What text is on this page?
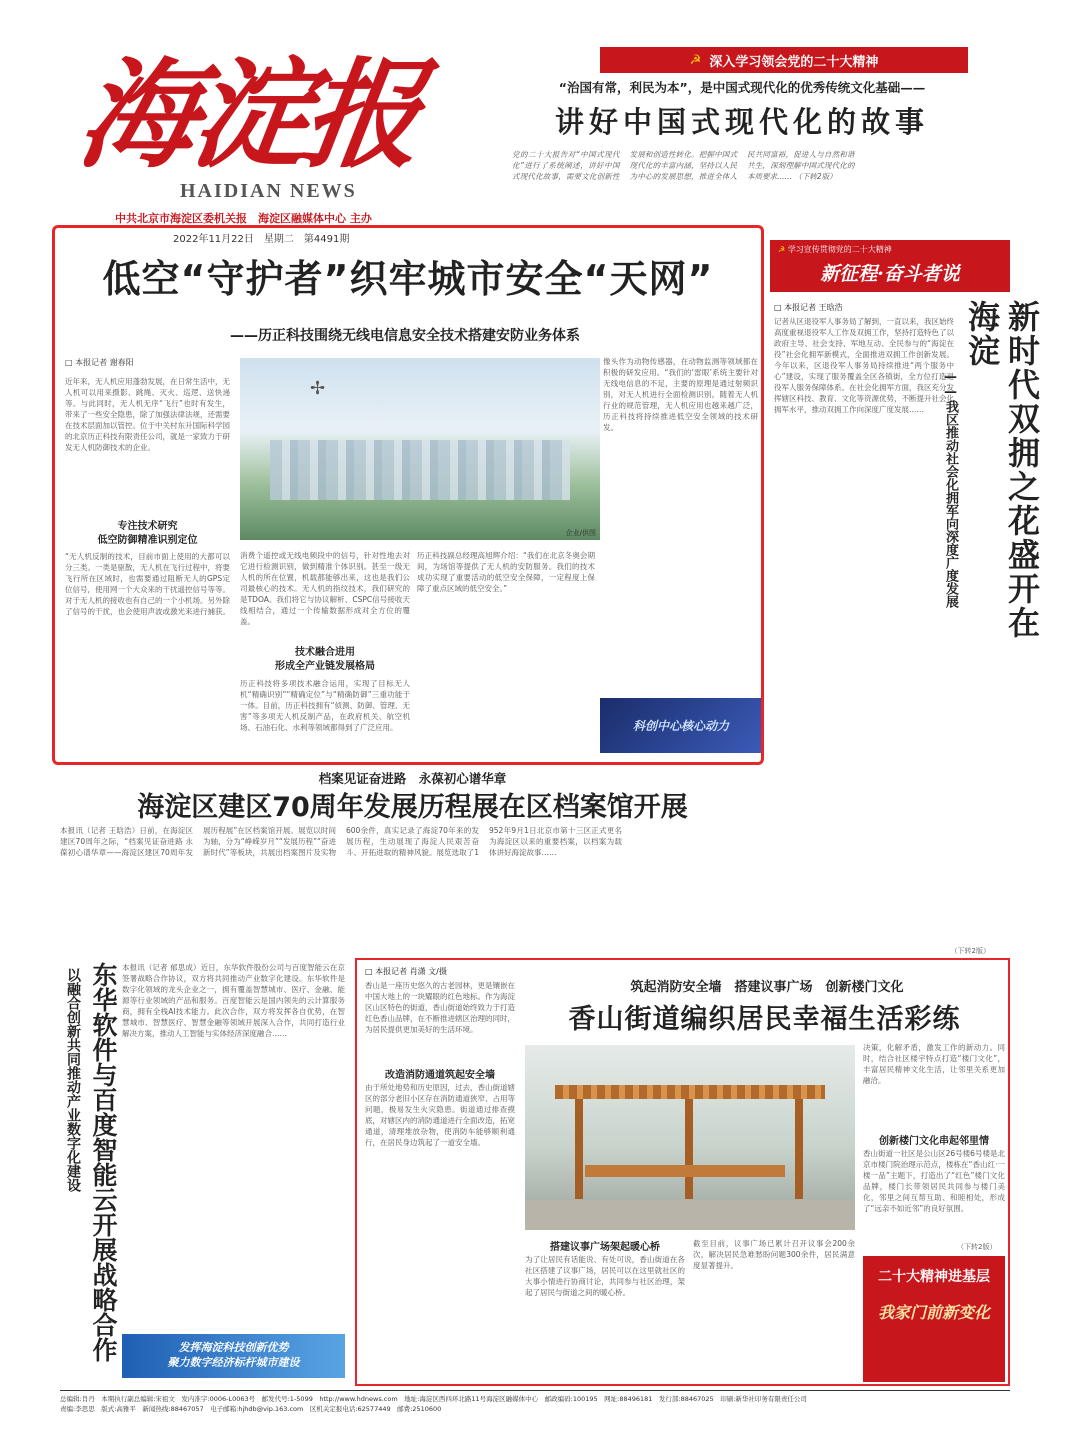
海淀报
HAIDIAN NEWS
中共北京市海淀区委机关报　海淀区融媒体中心 主办
2022年11月22日　星期二　第4491期
☭ 深入学习领会党的二十大精神
“治国有常，利民为本”，是中国式现代化的优秀传统文化基础——
讲好中国式现代化的故事
党的二十大报告对“中国式现代化”进行了系统阐述，讲好中国式现代化故事，需要文化创新性发展和创造性转化。把握中国式现代化的丰富内涵，坚持以人民为中心的发展思想，推进全体人民共同富裕，促进人与自然和谐共生，深刻理解中国式现代化的本质要求…… （下转2版）
低空“守护者”织牢城市安全“天网”
——历正科技围绕无线电信息安全技术搭建安防业务体系
□ 本报记者 谢春阳
近年来，无人机应用蓬勃发展，在日常生活中，无人机可以用来摄影、跳绳、灭火、巡逻、送快递等。与此同时，无人机无序“飞行”也时有发生，带来了一些安全隐患，除了加强法律法规，还需要在技术层面加以管控。位于中关村东升国际科学园的北京历正科技有限责任公司，就是一家致力于研发无人机防御技术的企业。
✢
企业/供图
专注技术研究
低空防御精准识别定位
“无人机反制的技术，目前市面上使用的大都可以分三类。一类是驱散，无人机在飞行过程中，将要飞行所在区域时，也需要通过阻断无人的GPS定位信号，使用网一个大众来的干扰遥控信号等等。对于无人机的接收也有自己的一个小机场。另外除了信号的干扰，也会使用声波或激光来进行捕获。
消费个遥控或无线电频段中的信号，针对性地去对它进行检测识别，做到精准个体识别。甚至一级无人机的所在位置，机载都能够出来，这也是我们公司最核心的技术。无人机的指纹技术，我们研究的是TDOA。我们将它与协议解析、CSPC信号接收天线相结合，通过一个传输数据形成对全方位的覆盖。
技术融合进用
形成全产业链发展格局
历正科技将多项技术融合运用，实现了目标无人机“精确识别”“精确定位”与“精确防御”三重功能于一体。目前，历正科技拥有“侦测、防御、管理、无害”等多项无人机反制产品，在政府机关、航空机场、石油石化、水利等领域都得到了广泛应用。
历正科技副总经理高旭辉介绍：“我们在北京冬奥会期间，为场馆等提供了无人机的安防服务。我们的技术成功实现了重要活动的低空安全保障，一定程度上保障了重点区域的低空安全。”
像头作为动物传感器，在动物监测等领域都在积极的研发应用。“我们的‘雷眼’系统主要针对无线电信息的不足，主要的原理是通过射频识别，对无人机进行全面检测识别。随着无人机行业的规范管理，无人机应用也越来越广泛，历正科技将持续推进低空安全领域的技术研发。
科创中心核心动力
☭ 学习宣传贯彻党的二十大精神
新征程·奋斗者说
□ 本报记者 王晗浩
记者从区退役军人事务局了解到，一直以来，我区始终高度重视退役军人工作及双拥工作，坚持打造特色了以政府主导、社会支持、军地互动、全民参与的“海淀在役”社会化拥军新模式，全面推进双拥工作创新发展。今年以来，区退役军人事务局持续推进“两个服务中心”建设，实现了服务覆盖全区各镇街，全方位打造退役军人服务保障体系。在社会化拥军方面，我区充分发挥辖区科技、教育、文化等资源优势，不断提升社会化拥军水平，推动双拥工作向深度广度发展……	新时代双拥之花盛开在海淀
——我区推动社会化拥军向深度广度发展
（下转2版）
档案见证奋进路　永葆初心谱华章
海淀区建区70周年发展历程展在区档案馆开展
本报讯（记者 王晗浩）日前，在海淀区建区70周年之际，“档案见证奋进路 永葆初心谱华章——海淀区建区70周年发展历程展”在区档案馆开展。展览以时间为轴，分为“峥嵘岁月”“发展历程”“奋进新时代”等板块，共展出档案图片及实物600余件，真实记录了海淀70年来的发展历程，生动展现了海淀人民艰苦奋斗、开拓进取的精神风貌。展览选取了1952年9月1日北京市第十三区正式更名为海淀区以来的重要档案，以档案为载体讲好海淀故事……
东华软件与百度智能云开展战略合作
以融合创新共同推动产业数字化建设
本报讯（记者 郁思成）近日，东华软件股份公司与百度智能云在京签署战略合作协议，双方将共同推动产业数字化建设。东华软件是数字化领域的龙头企业之一，拥有覆盖智慧城市、医疗、金融、能源等行业领域的产品和服务。百度智能云是国内领先的云计算服务商，拥有全栈AI技术能力。此次合作，双方将发挥各自优势，在智慧城市、智慧医疗、智慧金融等领域开展深入合作，共同打造行业解决方案，推动人工智能与实体经济深度融合……
发挥海淀科技创新优势
聚力数字经济标杆城市建设
□ 本报记者 肖潇 文/摄
筑起消防安全墙　搭建议事广场　创新楼门文化
香山街道编织居民幸福生活彩练
香山是一座历史悠久的古老园林，更是镶嵌在中国大地上的一块耀眼的红色地标。作为海淀区山区特色的街道，香山街道始终致力于打造红色香山品牌，在不断推进辖区治理的同时，为居民提供更加美好的生活环境。
改造消防通道筑起安全墙
由于所处地势和历史原因，过去，香山街道辖区的部分老旧小区存在消防通道狭窄、占用等问题，极易发生火灾隐患。街道通过排查摸底，对辖区内的消防通道进行全面改造，拓宽通道，清理堆放杂物，使消防车能够顺利通行，在居民身边筑起了一道安全墙。
搭建议事广场架起暖心桥
为了让居民有话能说、有处可说，香山街道在各社区搭建了议事广场，居民可以在这里就社区的大事小情进行协商讨论，共同参与社区治理，架起了居民与街道之间的暖心桥。
截至目前，议事广场已累计召开议事会200余次，解决居民急难愁盼问题300余件，居民满意度显著提升。
决策，化解矛盾，激发工作的新动力。同时，结合社区楼宇特点打造“楼门文化”，丰富居民精神文化生活，让邻里关系更加融洽。
创新楼门文化串起邻里情
香山街道一社区是公山区26号楼6号楼是北京市楼门院治理示范点，楼栋在“香山红·一楼一品”主题下，打造出了“红色”楼门文化品牌，楼门长带领居民共同参与楼门美化，邻里之间互帮互助、和睦相处，形成了“远亲不如近邻”的良好氛围。
（下转2版）
二十大精神进基层
我家门前新变化
总编辑:肖丹　本期执行副总编辑:宋祖文　发内准字:0006-L0063号　邮发代号:1-5099　http://www.hdnews.com　地址:海淀区西四环北路11号海淀区融媒体中心　邮政编码:100195　网址:88496181　发行部:88467025　印刷:新华社印务有限责任公司
责编:李思思　版式:高雅平　新闻热线:88467057　电子邮箱:hjhdb@vip.163.com　区机关定报电话:62577449　邮费:2510600
